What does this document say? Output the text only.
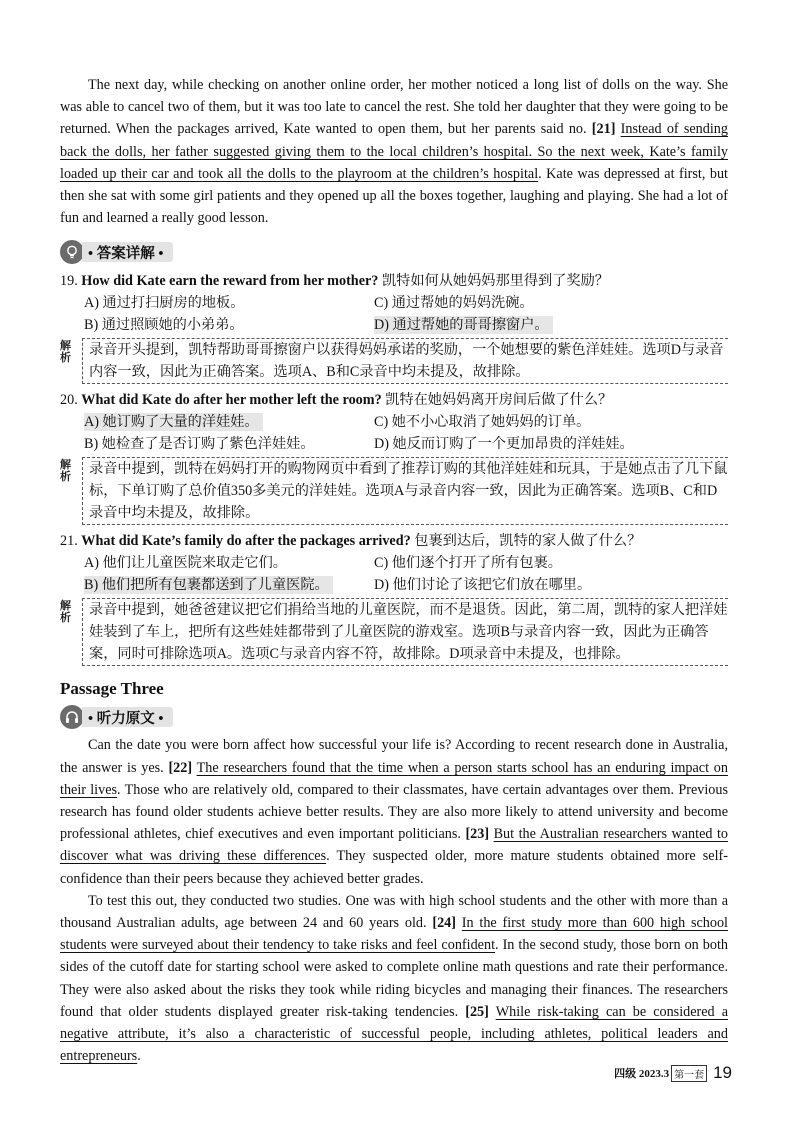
The next day, while checking on another online order, her mother noticed a long list of dolls on the way. She was able to cancel two of them, but it was too late to cancel the rest. She told her daughter that they were going to be returned. When the packages arrived, Kate wanted to open them, but her parents said no. [21] Instead of sending back the dolls, her father suggested giving them to the local children’s hospital. So the next week, Kate’s family loaded up their car and took all the dolls to the playroom at the children’s hospital. Kate was depressed at first, but then she sat with some girl patients and they opened up all the boxes together, laughing and playing. She had a lot of fun and learned a really good lesson.

• 答案详解 •
19. How did Kate earn the reward from her mother? 凯特如何从她妈妈那里得到了奖励？
A) 通过打扫厨房的地板。	C) 通过帮她的妈妈洗碗。
B) 通过照顾她的小弟弟。	D) 通过帮她的哥哥擦窗户。
解析	录音开头提到，凯特帮助哥哥擦窗户以获得妈妈承诺的奖励，一个她想要的紫色洋娃娃。选项D与录音内容一致，因此为正确答案。选项A、B和C录音中均未提及，故排除。
20. What did Kate do after her mother left the room? 凯特在她妈妈离开房间后做了什么？
A) 她订购了大量的洋娃娃。	C) 她不小心取消了她妈妈的订单。
B) 她检查了是否订购了紫色洋娃娃。	D) 她反而订购了一个更加昂贵的洋娃娃。
解析	录音中提到，凯特在妈妈打开的购物网页中看到了推荐订购的其他洋娃娃和玩具，于是她点击了几下鼠标，下单订购了总价值350多美元的洋娃娃。选项A与录音内容一致，因此为正确答案。选项B、C和D录音中均未提及，故排除。
21. What did Kate’s family do after the packages arrived? 包裹到达后，凯特的家人做了什么？
A) 他们让儿童医院来取走它们。	C) 他们逐个打开了所有包裹。
B) 他们把所有包裹都送到了儿童医院。	D) 他们讨论了该把它们放在哪里。
解析	录音中提到，她爸爸建议把它们捐给当地的儿童医院，而不是退货。因此，第二周，凯特的家人把洋娃娃装到了车上，把所有这些娃娃都带到了儿童医院的游戏室。选项B与录音内容一致，因此为正确答案，同时可排除选项A。选项C与录音内容不符，故排除。D项录音中未提及，也排除。
Passage Three
• 听力原文 •

Can the date you were born affect how successful your life is? According to recent research done in Australia, the answer is yes. [22] The researchers found that the time when a person starts school has an enduring impact on their lives. Those who are relatively old, compared to their classmates, have certain advantages over them. Previous research has found older students achieve better results. They are also more likely to attend university and become professional athletes, chief executives and even important politicians. [23] But the Australian researchers wanted to discover what was driving these differences. They suspected older, more mature students obtained more self-confidence than their peers because they achieved better grades.

To test this out, they conducted two studies. One was with high school students and the other with more than a thousand Australian adults, age between 24 and 60 years old. [24] In the first study more than 600 high school students were surveyed about their tendency to take risks and feel confident. In the second study, those born on both sides of the cutoff date for starting school were asked to complete online math questions and rate their performance. They were also asked about the risks they took while riding bicycles and managing their finances. The researchers found that older students displayed greater risk-taking tendencies. [25] While risk-taking can be considered a negative attribute, it’s also a characteristic of successful people, including athletes, political leaders and entrepreneurs.

四级 2023.3 第一套 19
